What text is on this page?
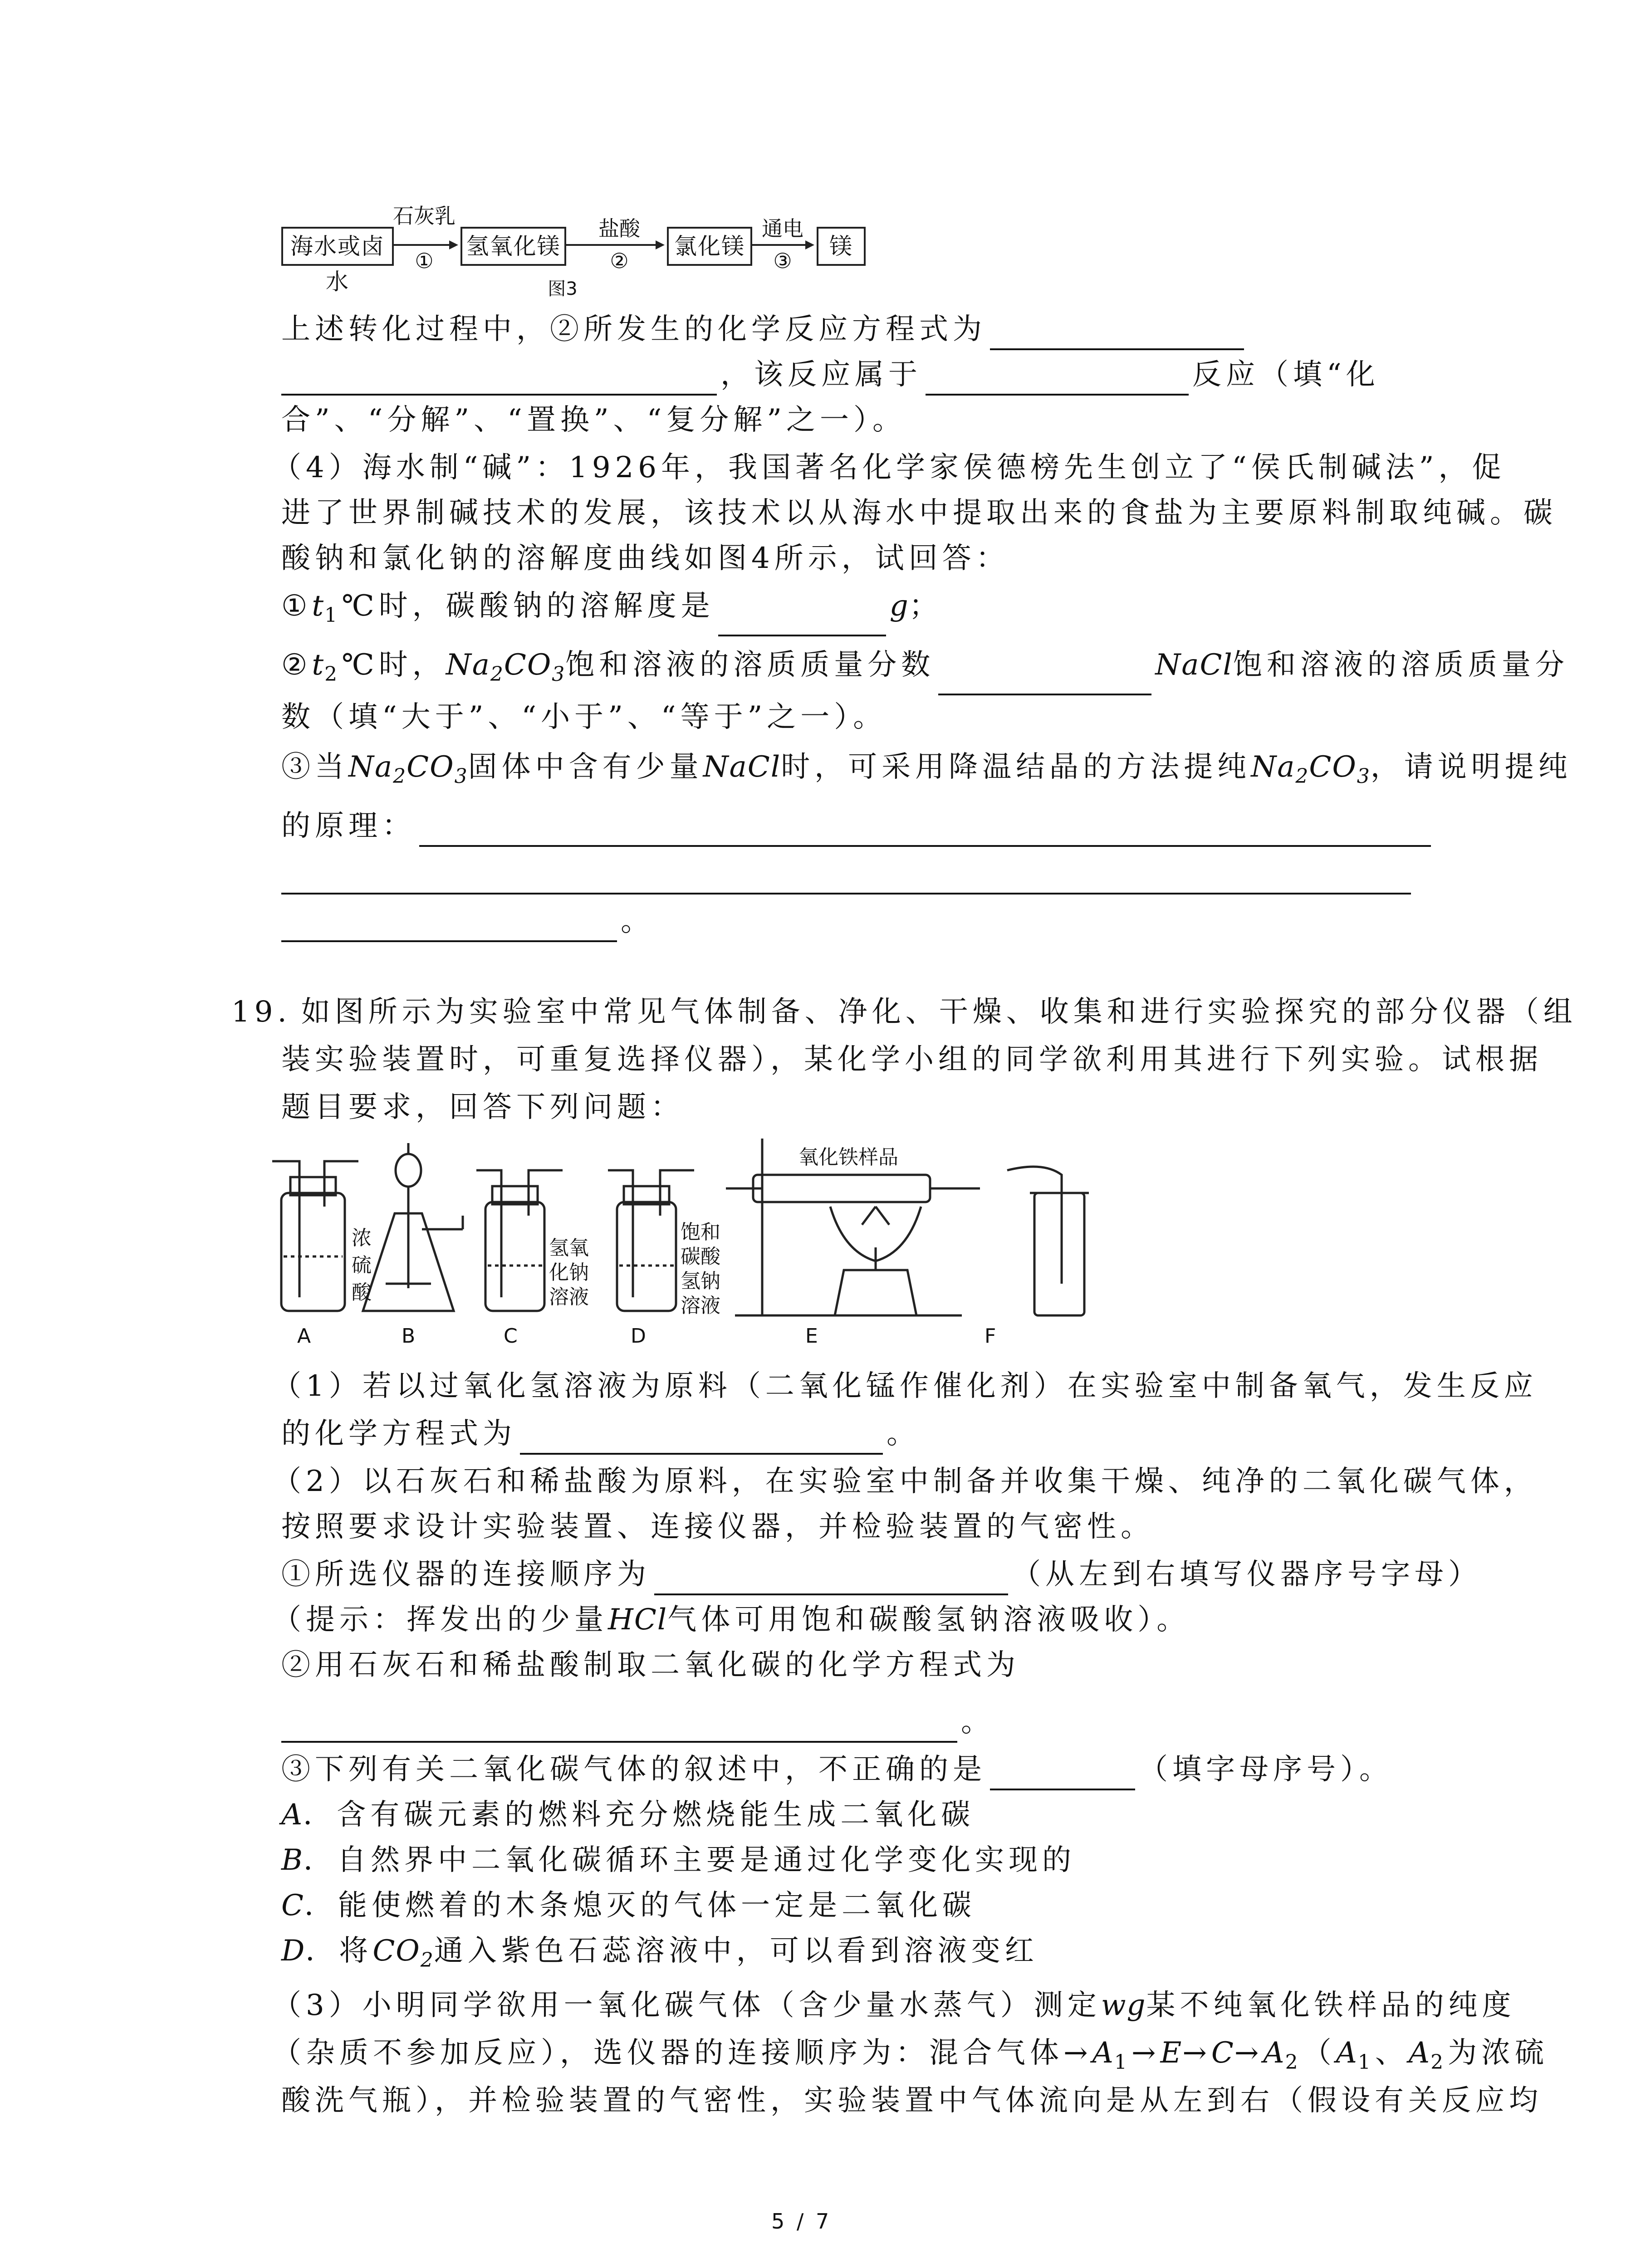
海水或卤水
氢氧化镁	氯化镁	镁
石灰乳
①
盐酸
②
通电
③
图3
上述转化过程中，②所发生的化学反应方程式为
，该反应属于	反应（填“化
合”、“分解”、“置换”、“复分解”之一）。
（4）海水制“碱”：1926年，我国著名化学家侯德榜先生创立了“侯氏制碱法”，促
进了世界制碱技术的发展，该技术以从海水中提取出来的食盐为主要原料制取纯碱。碳
酸钠和氯化钠的溶解度曲线如图4所示，试回答：
$①t_1℃$时，碳酸钠的溶解度是	g；
$②t_2℃$时，$Na_2CO_3$饱和溶液的溶质质量分数	NaCl饱和溶液的溶质质量分
数（填“大于”、“小于”、“等于”之一）。
③当$Na_2CO_3$固体中含有少量NaCl时，可采用降温结晶的方法提纯$Na_2CO_3$，请说明提纯
的原理：
。
19. 如图所示为实验室中常见气体制备、净化、干燥、收集和进行实验探究的部分仪器（组
装实验装置时，可重复选择仪器），某化学小组的同学欲利用其进行下列实验。试根据
题目要求，回答下列问题：
浓
硫
酸
氢氧
化钠
溶液
饱和
碳酸
氢钠
溶液
氧化铁样品
A	B	C	D	E	F
（1）若以过氧化氢溶液为原料（二氧化锰作催化剂）在实验室中制备氧气，发生反应
的化学方程式为	。
（2）以石灰石和稀盐酸为原料，在实验室中制备并收集干燥、纯净的二氧化碳气体，
按照要求设计实验装置、连接仪器，并检验装置的气密性。
①所选仪器的连接顺序为	（从左到右填写仪器序号字母）
（提示：挥发出的少量HCl气体可用饱和碳酸氢钠溶液吸收）。
②用石灰石和稀盐酸制取二氧化碳的化学方程式为
。
③下列有关二氧化碳气体的叙述中，不正确的是	（填字母序号）。
A．含有碳元素的燃料充分燃烧能生成二氧化碳
B．自然界中二氧化碳循环主要是通过化学变化实现的
C．能使燃着的木条熄灭的气体一定是二氧化碳
D．将$CO_2$通入紫色石蕊溶液中，可以看到溶液变红
（3）小明同学欲用一氧化碳气体（含少量水蒸气）测定wg某不纯氧化铁样品的纯度
（杂质不参加反应），选仪器的连接顺序为：混合气体$\to A_1\to E\to C\to A_2(A_1$、$A_2$为浓硫
酸洗气瓶），并检验装置的气密性，实验装置中气体流向是从左到右（假设有关反应均
5 / 7
